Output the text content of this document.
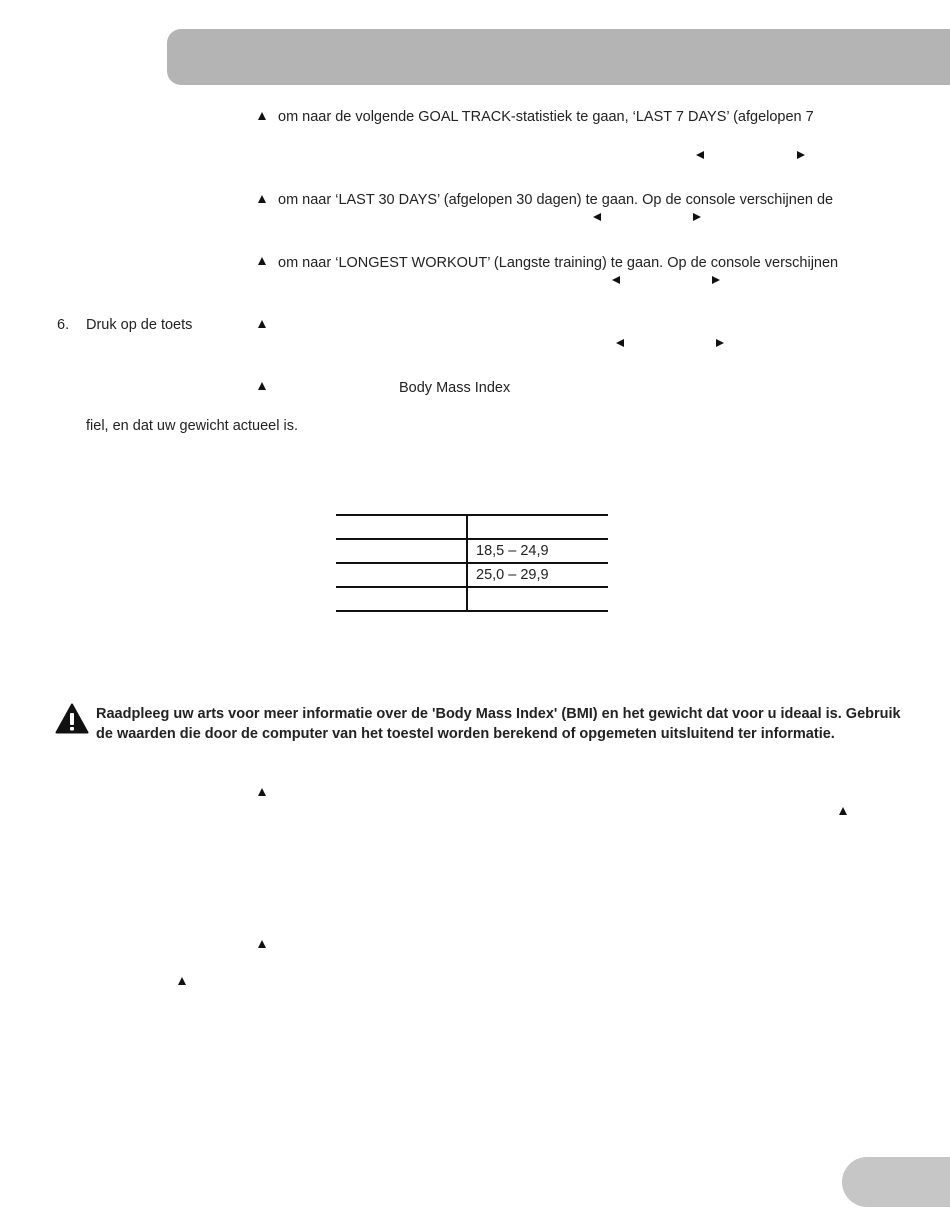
om naar de volgende GOAL TRACK-statistiek te gaan, ‘LAST 7 DAYS’ (afgelopen 7
om naar ‘LAST 30 DAYS’ (afgelopen 30 dagen) te gaan. Op de console verschijnen de
om naar ‘LONGEST WORKOUT’ (Langste training) te gaan. Op de console verschijnen
6. Druk op de toets
Body Mass Index
fiel, en dat uw gewicht actueel is.

	18,5 – 24,9
	25,0 – 29,9

Raadpleeg uw arts voor meer informatie over de 'Body Mass Index' (BMI) en het gewicht dat voor u ideaal is. Gebruik de waarden die door de computer van het toestel worden berekend of opgemeten uitsluitend ter informatie.
